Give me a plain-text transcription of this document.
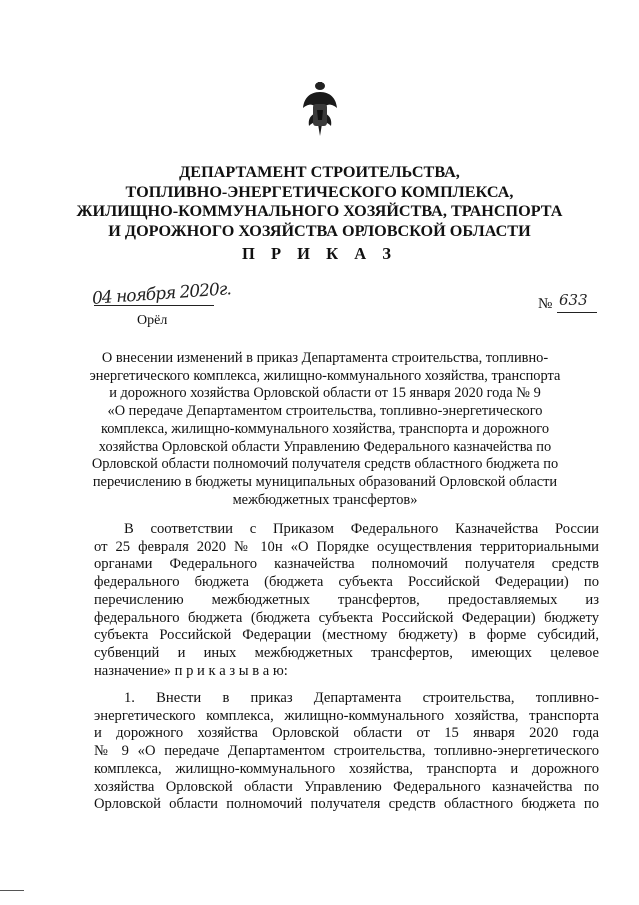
ДЕПАРТАМЕНТ СТРОИТЕЛЬСТВА,
ТОПЛИВНО-ЭНЕРГЕТИЧЕСКОГО КОМПЛЕКСА,
ЖИЛИЩНО-КОММУНАЛЬНОГО ХОЗЯЙСТВА, ТРАНСПОРТА
И ДОРОЖНОГО ХОЗЯЙСТВА ОРЛОВСКОЙ ОБЛАСТИ
П Р И К А З
04 ноября 2020г.
Орёл
№ 633
О внесении изменений в приказ Департамента строительства, топливно-
энергетического комплекса, жилищно-коммунального хозяйства, транспорта
и дорожного хозяйства Орловской области от 15 января 2020 года № 9
«О передаче Департаментом строительства, топливно-энергетического
комплекса, жилищно-коммунального хозяйства, транспорта и дорожного
хозяйства Орловской области Управлению Федерального казначейства по
Орловской области полномочий получателя средств областного бюджета по
перечислению в бюджеты муниципальных образований Орловской области
межбюджетных трансфертов»
В соответствии с Приказом Федерального Казначейства России
от 25 февраля 2020 № 10н «О Порядке осуществления территориальными
органами Федерального казначейства полномочий получателя средств
федерального бюджета (бюджета субъекта Российской Федерации) по
перечислению межбюджетных трансфертов, предоставляемых из
федерального бюджета (бюджета субъекта Российской Федерации) бюджету
субъекта Российской Федерации (местному бюджету) в форме субсидий,
субвенций и иных межбюджетных трансфертов, имеющих целевое
назначение» п р и к а з ы в а ю:
1. Внести в приказ Департамента строительства, топливно-
энергетического комплекса, жилищно-коммунального хозяйства, транспорта
и дорожного хозяйства Орловской области от 15 января 2020 года
№ 9 «О передаче Департаментом строительства, топливно-энергетического
комплекса, жилищно-коммунального хозяйства, транспорта и дорожного
хозяйства Орловской области Управлению Федерального казначейства по
Орловской области полномочий получателя средств областного бюджета по
